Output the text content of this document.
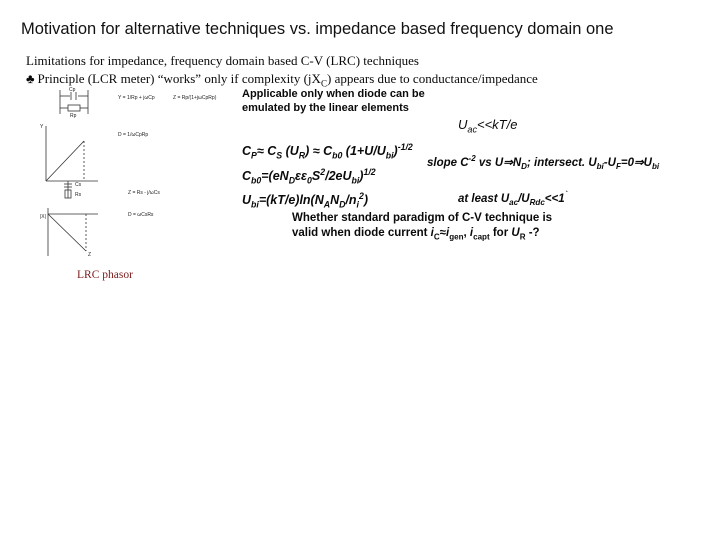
Motivation for alternative techniques vs. impedance based frequency domain one
Limitations for impedance, frequency domain based C-V (LRC) techniques
♣ Principle (LCR meter) “works” only if complexity $(jX_C)$ appears due to conductance/impedance
Cp
Rp
Y = 1/Rp + jωCp	Z = Rp/(1+jωCpRp)
D = 1/ωCpRp
Y
Cs
Rs
D = ωCsRs
Z = Rs - j/ωCs
|X|
Z
Applicable only when diode can be
emulated by the linear elements
$U_{ac}<<kT/e$
$C_P\approx C_S$ $(U_R) \approx C_{b0}$ $(1+U/U_{bi})^{-1/2}$
$C_{b0}=(eN_D\varepsilon\varepsilon_0S^2/2eU_{bi})^{1/2}$
$U_{bi}=(kT/e)\ln(N_AN_D/n_i^2)$
slope $C^{-2}$ vs $U\Rightarrow N_D$; intersect. $U_{bi}-U_F=0\Rightarrow U_{bi}$
at least $U_{ac}/U_{Rdc}<<1^`$
Whether standard paradigm of C-V technique is
valid when diode current $i_C\approx i_{gen}$, $i_{capt}$ for $U_R$ -?
LRC phasor
